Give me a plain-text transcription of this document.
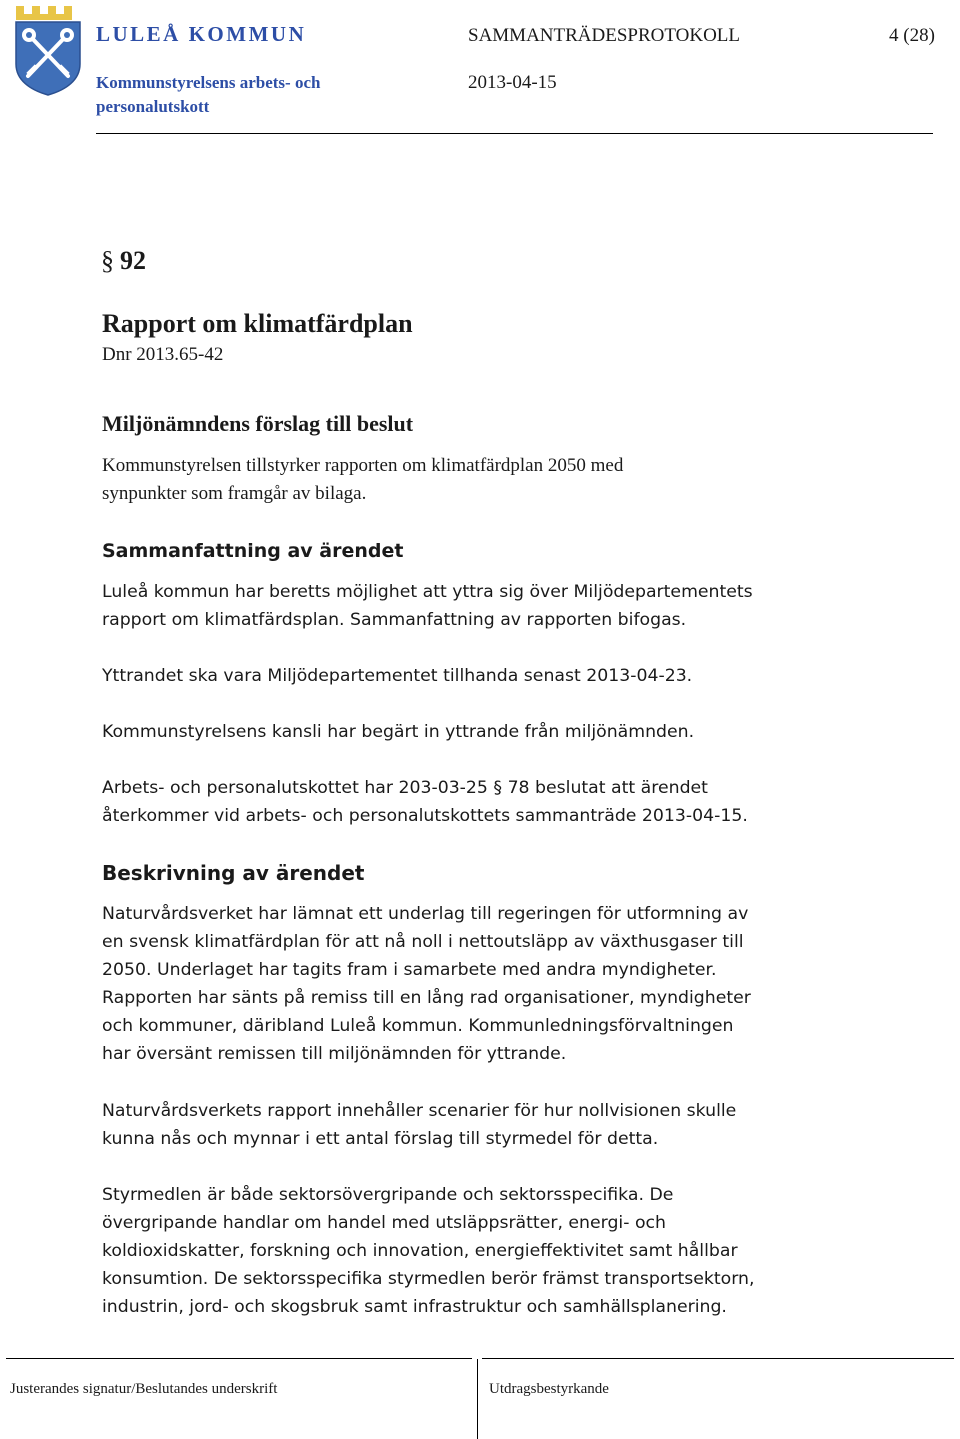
LULEÅ KOMMUN
Kommunstyrelsens arbets- och personalutskott
SAMMANTRÄDESPROTOKOLL	4 (28)
2013-04-15
§ 92
Rapport om klimatfärdplan
Dnr 2013.65-42
Miljönämndens förslag till beslut
Kommunstyrelsen tillstyrker rapporten om klimatfärdplan 2050 med
synpunkter som framgår av bilaga.
Sammanfattning av ärendet
Luleå kommun har beretts möjlighet att yttra sig över Miljödepartementets
rapport om klimatfärdsplan. Sammanfattning av rapporten bifogas.
Yttrandet ska vara Miljödepartementet tillhanda senast 2013-04-23.
Kommunstyrelsens kansli har begärt in yttrande från miljönämnden.
Arbets- och personalutskottet har 203-03-25 § 78 beslutat att ärendet
återkommer vid arbets- och personalutskottets sammanträde 2013-04-15.
Beskrivning av ärendet
Naturvårdsverket har lämnat ett underlag till regeringen för utformning av
en svensk klimatfärdplan för att nå noll i nettoutsläpp av växthusgaser till
2050. Underlaget har tagits fram i samarbete med andra myndigheter.
Rapporten har sänts på remiss till en lång rad organisationer, myndigheter
och kommuner, däribland Luleå kommun. Kommunledningsförvaltningen
har översänt remissen till miljönämnden för yttrande.
Naturvårdsverkets rapport innehåller scenarier för hur nollvisionen skulle
kunna nås och mynnar i ett antal förslag till styrmedel för detta.
Styrmedlen är både sektorsövergripande och sektorsspecifika. De
övergripande handlar om handel med utsläppsrätter, energi- och
koldioxidskatter, forskning och innovation, energieffektivitet samt hållbar
konsumtion. De sektorsspecifika styrmedlen berör främst transportsektorn,
industrin, jord- och skogsbruk samt infrastruktur och samhällsplanering.
Justerandes signatur/Beslutandes underskrift	Utdragsbestyrkande
